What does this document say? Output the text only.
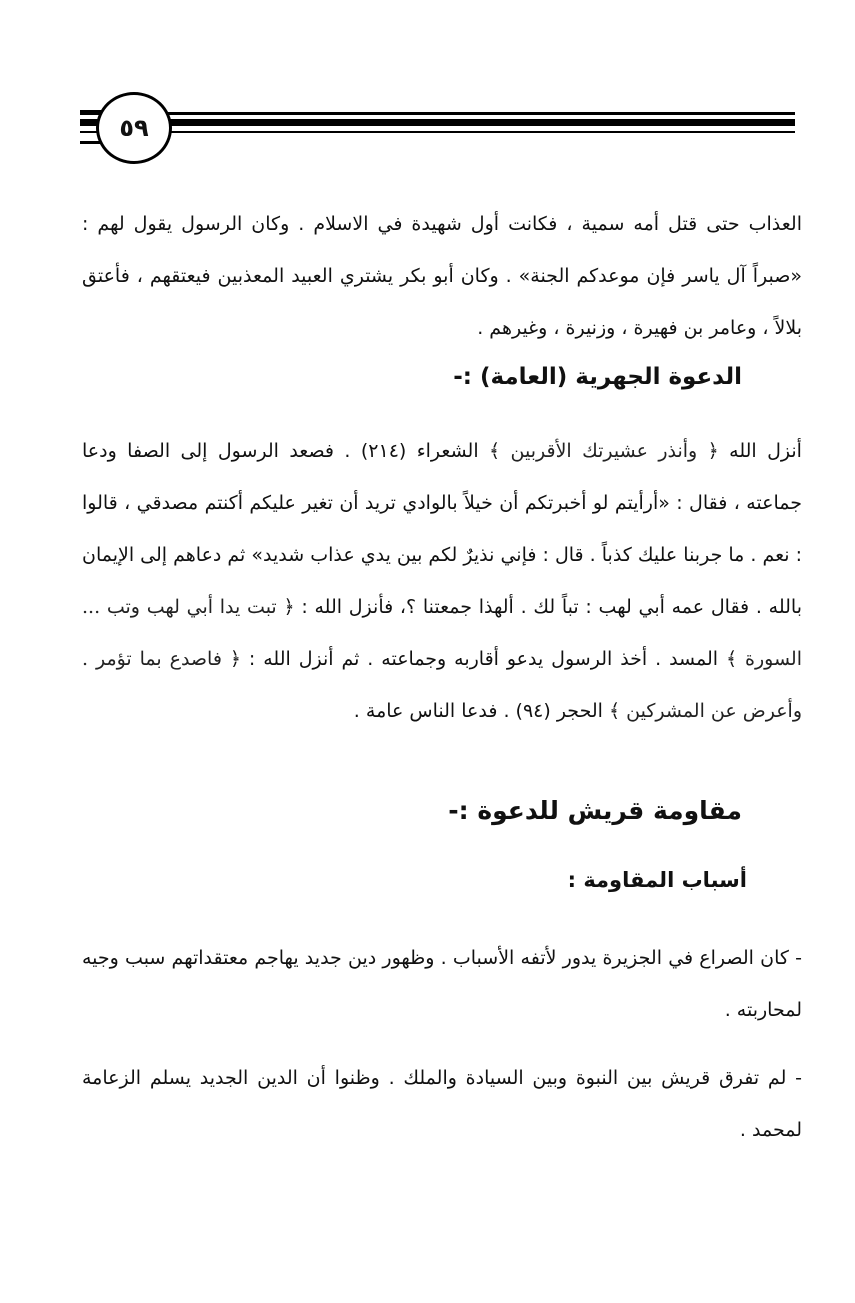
٥٩

العذاب حتى قتل أمه سمية ، فكانت أول شهيدة في الاسلام . وكان الرسول يقول لهم : «صبراً آل ياسر فإن موعدكم الجنة» . وكان أبو بكر يشتري العبيد المعذبين فيعتقهم ، فأعتق بلالاً ، وعامر بن فهيرة ، وزنيرة ، وغيرهم .

الدعوة الجهرية (العامة) :-

أنزل الله ﴿ وأنذر عشيرتك الأقربين ﴾ الشعراء (٢١٤) . فصعد الرسول إلى الصفا ودعا جماعته ، فقال : «أرأيتم لو أخبرتكم أن خيلاً بالوادي تريد أن تغير عليكم أكنتم مصدقي ، قالوا : نعم . ما جربنا عليك كذباً . قال : فإني نذيرٌ لكم بين يدي عذاب شديد» ثم دعاهم إلى الإيمان بالله . فقال عمه أبي لهب : تباً لك . ألهذا جمعتنا ؟، فأنزل الله : ﴿ تبت يدا أبي لهب وتب ... السورة ﴾ المسد . أخذ الرسول يدعو أقاربه وجماعته . ثم أنزل الله : ﴿ فاصدع بما تؤمر . وأعرض عن المشركين ﴾ الحجر (٩٤) . فدعا الناس عامة .

مقاومة قريش للدعوة :-
أسباب المقاومة :

- كان الصراع في الجزيرة يدور لأتفه الأسباب . وظهور دين جديد يهاجم معتقداتهم سبب وجيه لمحاربته .

- لم تفرق قريش بين النبوة وبين السيادة والملك . وظنوا أن الدين الجديد يسلم الزعامة لمحمد .
